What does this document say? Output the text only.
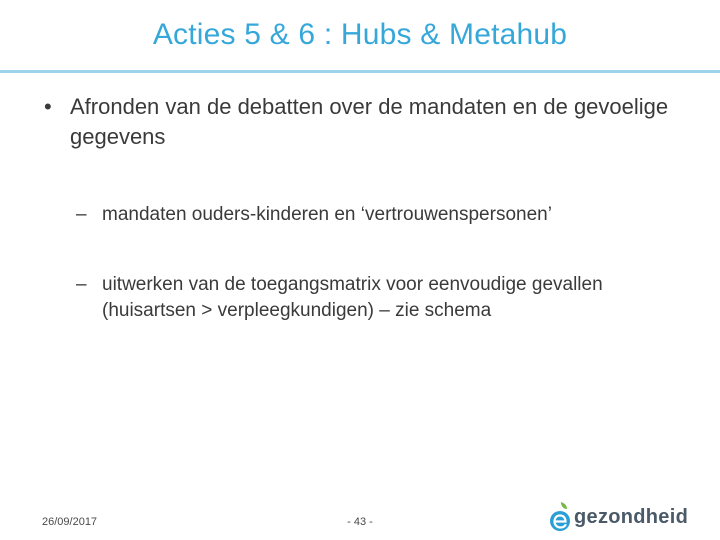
Acties 5 & 6 : Hubs & Metahub
• Afronden van de debatten over de mandaten en de gevoelige gegevens
– mandaten ouders-kinderen en ‘vertrouwenspersonen’
– uitwerken van de toegangsmatrix voor eenvoudige gevallen (huisartsen > verpleegkundigen) – zie schema
26/09/2017	- 43 -	gezondheid
